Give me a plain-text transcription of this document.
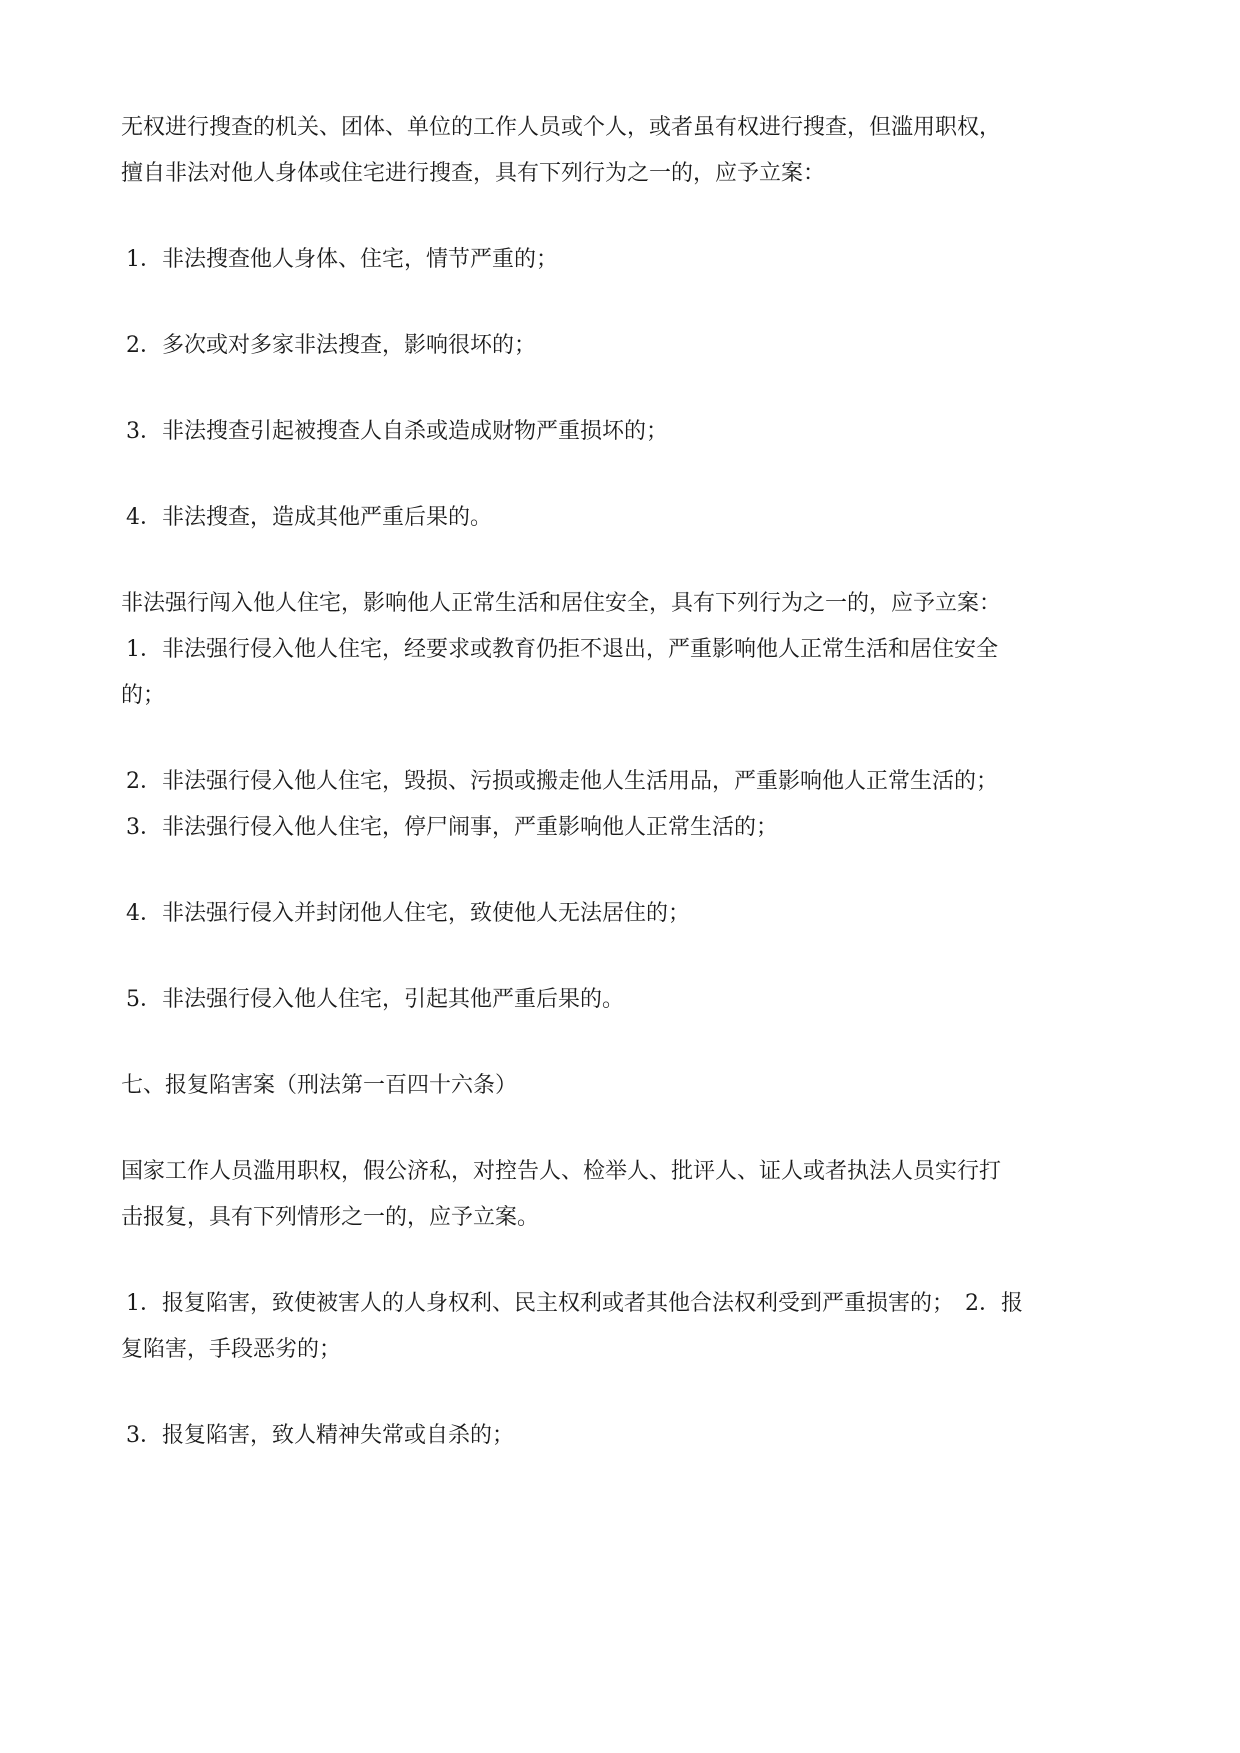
无权进行搜查的机关、团体、单位的工作人员或个人，或者虽有权进行搜查，但滥用职权，
擅自非法对他人身体或住宅进行搜查，具有下列行为之一的，应予立案：
1．非法搜查他人身体、住宅，情节严重的；
2．多次或对多家非法搜查，影响很坏的；
3．非法搜查引起被搜查人自杀或造成财物严重损坏的；
4．非法搜查，造成其他严重后果的。
非法强行闯入他人住宅，影响他人正常生活和居住安全，具有下列行为之一的，应予立案：
1．非法强行侵入他人住宅，经要求或教育仍拒不退出，严重影响他人正常生活和居住安全
的；
2．非法强行侵入他人住宅，毁损、污损或搬走他人生活用品，严重影响他人正常生活的；
3．非法强行侵入他人住宅，停尸闹事，严重影响他人正常生活的；
4．非法强行侵入并封闭他人住宅，致使他人无法居住的；
5．非法强行侵入他人住宅，引起其他严重后果的。
七、报复陷害案（刑法第一百四十六条）
国家工作人员滥用职权，假公济私，对控告人、检举人、批评人、证人或者执法人员实行打
击报复，具有下列情形之一的，应予立案。
1．报复陷害，致使被害人的人身权利、民主权利或者其他合法权利受到严重损害的；　2．报
复陷害，手段恶劣的；
3．报复陷害，致人精神失常或自杀的；
